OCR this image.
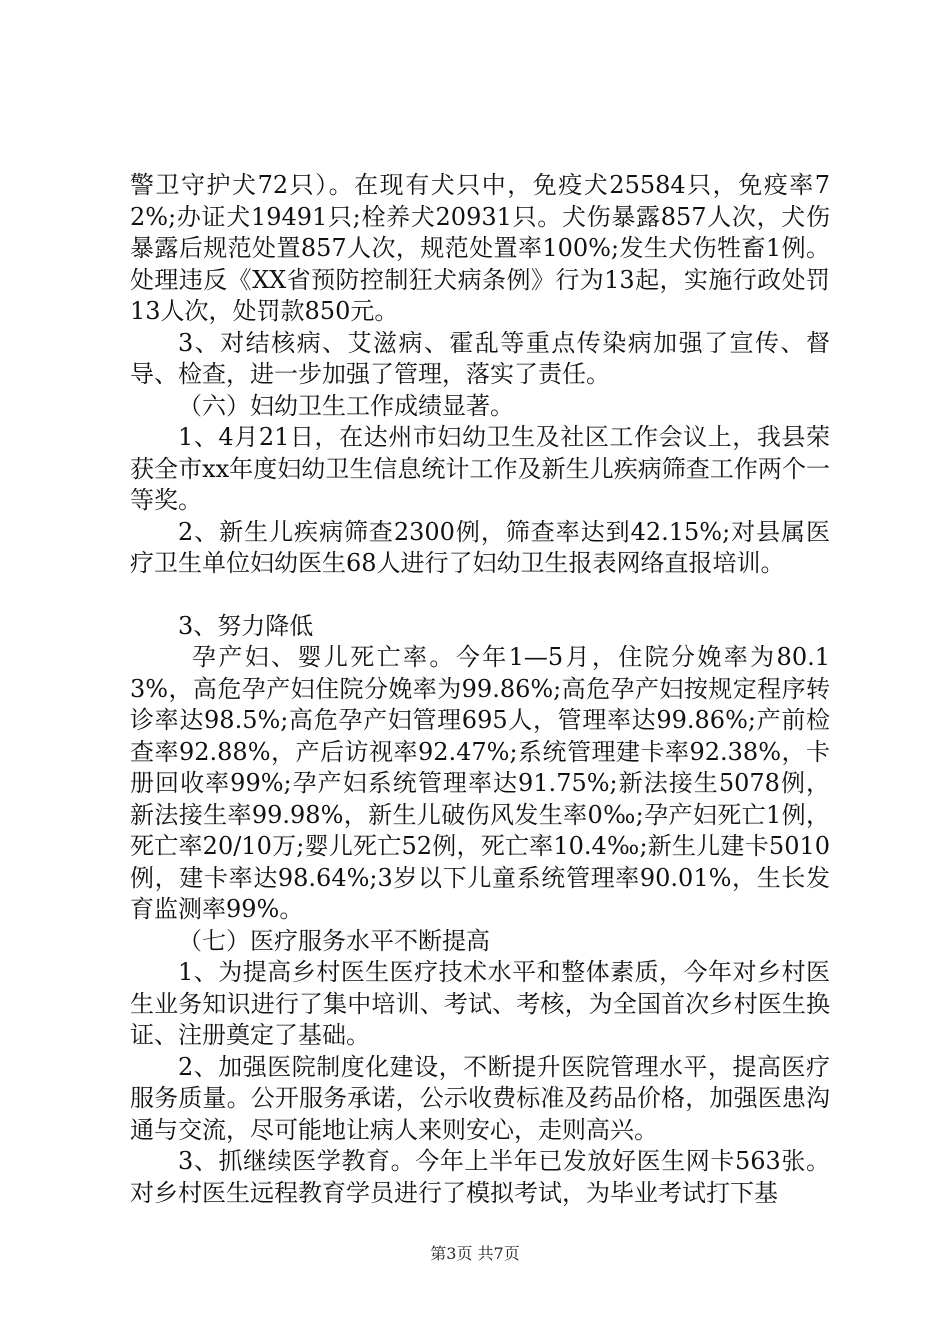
警卫守护犬72只）。在现有犬只中，免疫犬25584只，免疫率72%;办证犬19491只;栓养犬20931只。犬伤暴露857人次，犬伤暴露后规范处置857人次，规范处置率100%;发生犬伤牲畜1例。处理违反《XX省预防控制狂犬病条例》行为13起，实施行政处罚13人次，处罚款850元。

3、对结核病、艾滋病、霍乱等重点传染病加强了宣传、督导、检查，进一步加强了管理，落实了责任。

（六）妇幼卫生工作成绩显著。

1、4月21日，在达州市妇幼卫生及社区工作会议上，我县荣获全市xx年度妇幼卫生信息统计工作及新生儿疾病筛查工作两个一等奖。

2、新生儿疾病筛查2300例，筛查率达到42.15%;对县属医疗卫生单位妇幼医生68人进行了妇幼卫生报表网络直报培训。

3、努力降低

孕产妇、婴儿死亡率。今年1—5月，住院分娩率为80.13%，高危孕产妇住院分娩率为99.86%;高危孕产妇按规定程序转诊率达98.5%;高危孕产妇管理695人，管理率达99.86%;产前检查率92.88%，产后访视率92.47%;系统管理建卡率92.38%，卡册回收率99%;孕产妇系统管理率达91.75%;新法接生5078例，新法接生率99.98%，新生儿破伤风发生率0‰;孕产妇死亡1例，死亡率20/10万;婴儿死亡52例，死亡率10.4‰;新生儿建卡5010例，建卡率达98.64%;3岁以下儿童系统管理率90.01%，生长发育监测率99%。

（七）医疗服务水平不断提高

1、为提高乡村医生医疗技术水平和整体素质，今年对乡村医生业务知识进行了集中培训、考试、考核，为全国首次乡村医生换证、注册奠定了基础。

2、加强医院制度化建设，不断提升医院管理水平，提高医疗服务质量。公开服务承诺，公示收费标准及药品价格，加强医患沟通与交流，尽可能地让病人来则安心，走则高兴。

3、抓继续医学教育。今年上半年已发放好医生网卡563张。对乡村医生远程教育学员进行了模拟考试，为毕业考试打下基

第3页 共7页
